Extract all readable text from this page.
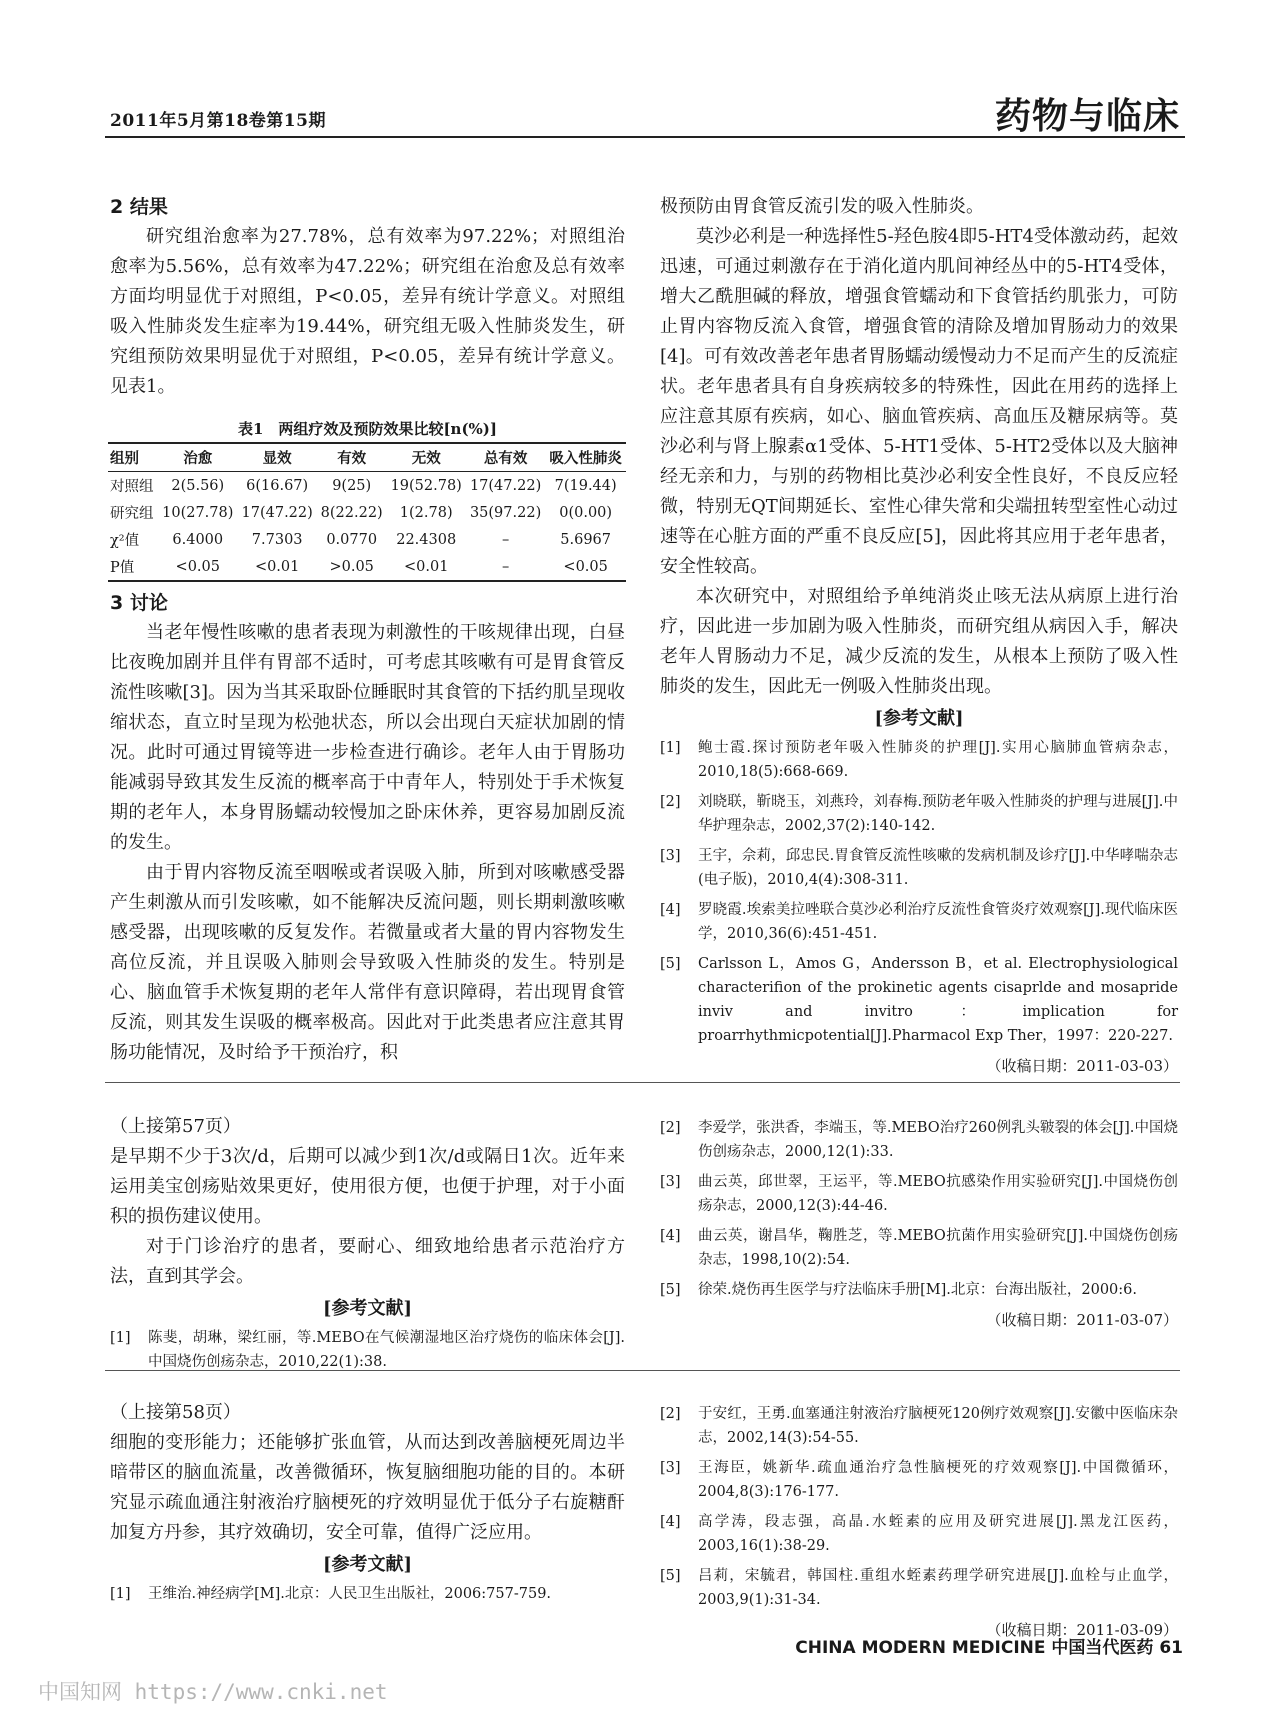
2011年5月第18卷第15期	药物与临床

2 结果

研究组治愈率为27.78%，总有效率为97.22%；对照组治愈率为5.56%，总有效率为47.22%；研究组在治愈及总有效率方面均明显优于对照组，P<0.05，差异有统计学意义。对照组吸入性肺炎发生症率为19.44%，研究组无吸入性肺炎发生，研究组预防效果明显优于对照组，P<0.05，差异有统计学意义。见表1。

表1　两组疗效及预防效果比较[n(%)]
组别	治愈	显效	有效	无效	总有效	吸入性肺炎
对照组	2(5.56)	6(16.67)	9(25)	19(52.78)	17(47.22)	7(19.44)
研究组	10(27.78)	17(47.22)	8(22.22)	1(2.78)	35(97.22)	0(0.00)
χ²值	6.4000	7.7303	0.0770	22.4308	–	5.6967
P值	<0.05	<0.01	>0.05	<0.01	–	<0.05

3 讨论

当老年慢性咳嗽的患者表现为刺激性的干咳规律出现，白昼比夜晚加剧并且伴有胃部不适时，可考虑其咳嗽有可是胃食管反流性咳嗽[3]。因为当其采取卧位睡眠时其食管的下括约肌呈现收缩状态，直立时呈现为松弛状态，所以会出现白天症状加剧的情况。此时可通过胃镜等进一步检查进行确诊。老年人由于胃肠功能减弱导致其发生反流的概率高于中青年人，特别处于手术恢复期的老年人，本身胃肠蠕动较慢加之卧床休养，更容易加剧反流的发生。

由于胃内容物反流至咽喉或者误吸入肺，所到对咳嗽感受器产生刺激从而引发咳嗽，如不能解决反流问题，则长期刺激咳嗽感受器，出现咳嗽的反复发作。若微量或者大量的胃内容物发生高位反流，并且误吸入肺则会导致吸入性肺炎的发生。特别是心、脑血管手术恢复期的老年人常伴有意识障碍，若出现胃食管反流，则其发生误吸的概率极高。因此对于此类患者应注意其胃肠功能情况，及时给予干预治疗，积

极预防由胃食管反流引发的吸入性肺炎。

莫沙必利是一种选择性5-羟色胺4即5-HT4受体激动药，起效迅速，可通过刺激存在于消化道内肌间神经丛中的5-HT4受体，增大乙酰胆碱的释放，增强食管蠕动和下食管括约肌张力，可防止胃内容物反流入食管，增强食管的清除及增加胃肠动力的效果[4]。可有效改善老年患者胃肠蠕动缓慢动力不足而产生的反流症状。老年患者具有自身疾病较多的特殊性，因此在用药的选择上应注意其原有疾病，如心、脑血管疾病、高血压及糖尿病等。莫沙必利与肾上腺素α1受体、5-HT1受体、5-HT2受体以及大脑神经无亲和力，与别的药物相比莫沙必利安全性良好，不良反应轻微，特别无QT间期延长、室性心律失常和尖端扭转型室性心动过速等在心脏方面的严重不良反应[5]，因此将其应用于老年患者，安全性较高。

本次研究中，对照组给予单纯消炎止咳无法从病原上进行治疗，因此进一步加剧为吸入性肺炎，而研究组从病因入手，解决老年人胃肠动力不足，减少反流的发生，从根本上预防了吸入性肺炎的发生，因此无一例吸入性肺炎出现。

[参考文献]

[1] 鲍士霞.探讨预防老年吸入性肺炎的护理[J].实用心脑肺血管病杂志，2010,18(5):668-669.

[2] 刘晓联，靳晓玉，刘燕玲，刘春梅.预防老年吸入性肺炎的护理与进展[J].中华护理杂志，2002,37(2):140-142.

[3] 王宇，佘莉，邱忠民.胃食管反流性咳嗽的发病机制及诊疗[J].中华哮喘杂志(电子版)，2010,4(4):308-311.

[4] 罗晓霞.埃索美拉唑联合莫沙必利治疗反流性食管炎疗效观察[J].现代临床医学，2010,36(6):451-451.

[5] Carlsson L，Amos G，Andersson B，et al. Electrophysiological characterifion of the prokinetic agents cisaprlde and mosapride inviv and invitro：implication for proarrhythmicpotential[J].Pharmacol Exp Ther，1997：220-227.

（收稿日期：2011-03-03）

（上接第57页）

是早期不少于3次/d，后期可以减少到1次/d或隔日1次。近年来运用美宝创疡贴效果更好，使用很方便，也便于护理，对于小面积的损伤建议使用。

对于门诊治疗的患者，要耐心、细致地给患者示范治疗方法，直到其学会。

[参考文献]

[1] 陈斐，胡琳，梁红丽，等.MEBO在气候潮湿地区治疗烧伤的临床体会[J].中国烧伤创疡杂志，2010,22(1):38.

[2] 李爱学，张洪香，李端玉，等.MEBO治疗260例乳头皲裂的体会[J].中国烧伤创疡杂志，2000,12(1):33.

[3] 曲云英，邱世翠，王运平，等.MEBO抗感染作用实验研究[J].中国烧伤创疡杂志，2000,12(3):44-46.

[4] 曲云英，谢昌华，鞠胜芝，等.MEBO抗菌作用实验研究[J].中国烧伤创疡杂志，1998,10(2):54.

[5] 徐荣.烧伤再生医学与疗法临床手册[M].北京：台海出版社，2000:6.

（收稿日期：2011-03-07）

（上接第58页）

细胞的变形能力；还能够扩张血管，从而达到改善脑梗死周边半暗带区的脑血流量，改善微循环，恢复脑细胞功能的目的。本研究显示疏血通注射液治疗脑梗死的疗效明显优于低分子右旋糖酐加复方丹参，其疗效确切，安全可靠，值得广泛应用。

[参考文献]

[1] 王维治.神经病学[M].北京：人民卫生出版社，2006:757-759.

[2] 于安红，王勇.血塞通注射液治疗脑梗死120例疗效观察[J].安徽中医临床杂志，2002,14(3):54-55.

[3] 王海臣，姚新华.疏血通治疗急性脑梗死的疗效观察[J].中国微循环，2004,8(3):176-177.

[4] 高学涛，段志强，高晶.水蛭素的应用及研究进展[J].黑龙江医药，2003,16(1):38-29.

[5] 吕莉，宋毓君，韩国柱.重组水蛭素药理学研究进展[J].血栓与止血学，2003,9(1):31-34.

（收稿日期：2011-03-09）
CHINA MODERN MEDICINE 中国当代医药 61
中国知网 https://www.cnki.net
